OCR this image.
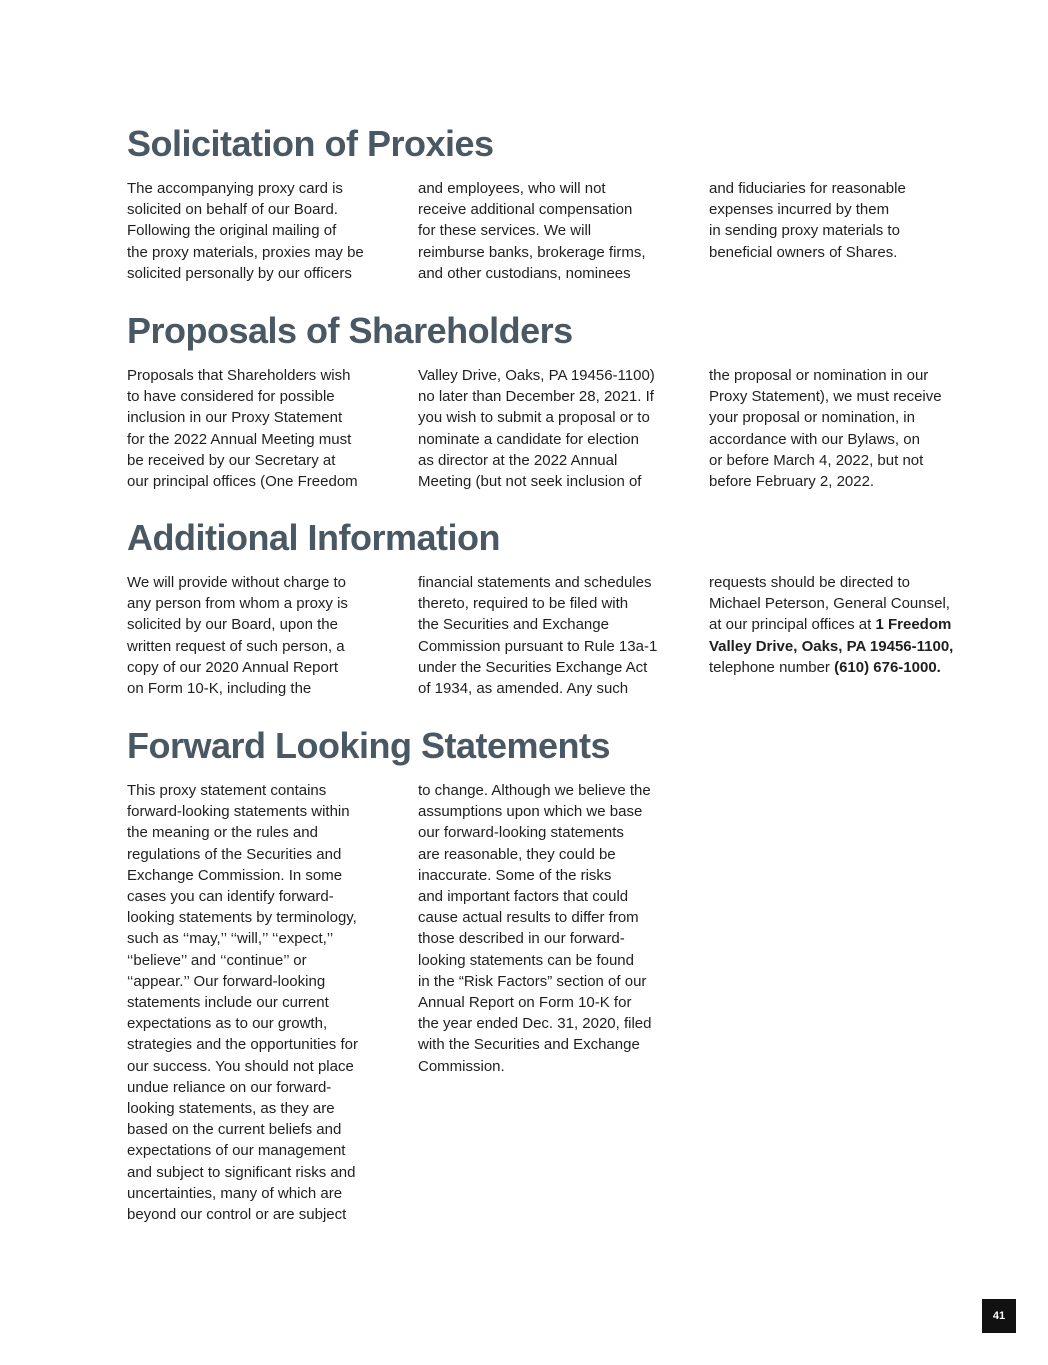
Solicitation of Proxies
The accompanying proxy card is
solicited on behalf of our Board.
Following the original mailing of
the proxy materials, proxies may be
solicited personally by our officers
and employees, who will not
receive additional compensation
for these services. We will
reimburse banks, brokerage firms,
and other custodians, nominees
and fiduciaries for reasonable
expenses incurred by them
in sending proxy materials to
beneficial owners of Shares.
Proposals of Shareholders
Proposals that Shareholders wish
to have considered for possible
inclusion in our Proxy Statement
for the 2022 Annual Meeting must
be received by our Secretary at
our principal offices (One Freedom
Valley Drive, Oaks, PA 19456-1100)
no later than December 28, 2021. If
you wish to submit a proposal or to
nominate a candidate for election
as director at the 2022 Annual
Meeting (but not seek inclusion of
the proposal or nomination in our
Proxy Statement), we must receive
your proposal or nomination, in
accordance with our Bylaws, on
or before March 4, 2022, but not
before February 2, 2022.
Additional Information
We will provide without charge to
any person from whom a proxy is
solicited by our Board, upon the
written request of such person, a
copy of our 2020 Annual Report
on Form 10-K, including the
financial statements and schedules
thereto, required to be filed with
the Securities and Exchange
Commission pursuant to Rule 13a-1
under the Securities Exchange Act
of 1934, as amended. Any such
requests should be directed to
Michael Peterson, General Counsel,
at our principal offices at 1 Freedom
Valley Drive, Oaks, PA 19456-1100,
telephone number (610) 676-1000.
Forward Looking Statements
This proxy statement contains
forward-looking statements within
the meaning or the rules and
regulations of the Securities and
Exchange Commission. In some
cases you can identify forward-
looking statements by terminology,
such as ‘‘may,’’ ‘‘will,’’ ‘‘expect,’’
‘‘believe’’ and ‘‘continue’’ or
‘‘appear.’’ Our forward-looking
statements include our current
expectations as to our growth,
strategies and the opportunities for
our success. You should not place
undue reliance on our forward-
looking statements, as they are
based on the current beliefs and
expectations of our management
and subject to significant risks and
uncertainties, many of which are
beyond our control or are subject
to change. Although we believe the
assumptions upon which we base
our forward-looking statements
are reasonable, they could be
inaccurate. Some of the risks
and important factors that could
cause actual results to differ from
those described in our forward-
looking statements can be found
in the “Risk Factors” section of our
Annual Report on Form 10-K for
the year ended Dec. 31, 2020, filed
with the Securities and Exchange
Commission.
41
